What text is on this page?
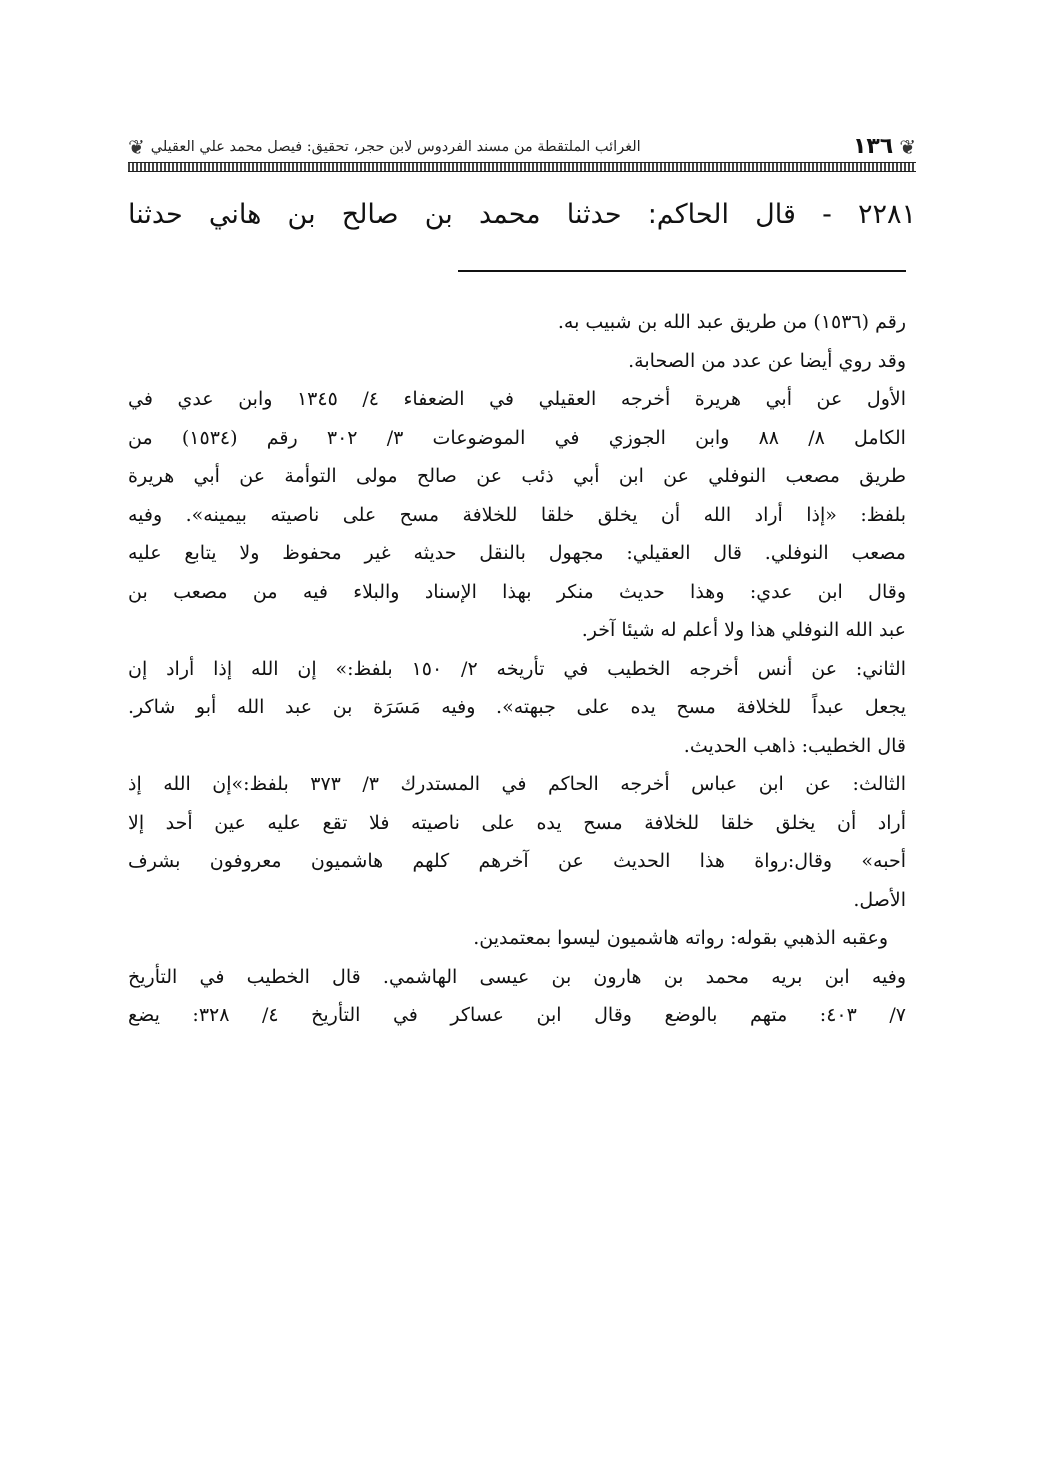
❦
١٣٦
الغرائب الملتقطة من مسند الفردوس لابن حجر، تحقيق: فيصل محمد علي العقيلي
❦
٢٢٨١ - قال الحاكم: حدثنا محمد بن صالح بن هاني حدثنا
رقم (١٥٣٦) من طريق عبد الله بن شبيب به.
وقد روي أيضا عن عدد من الصحابة.
الأول عن أبي هريرة أخرجه العقيلي في الضعفاء ٤/ ١٣٤٥ وابن عدي في
الكامل ٨/ ٨٨ وابن الجوزي في الموضوعات ٣/ ٣٠٢ رقم (١٥٣٤) من
طريق مصعب النوفلي عن ابن أبي ذئب عن صالح مولى التوأمة عن أبي هريرة
بلفظ: «إذا أراد الله أن يخلق خلقا للخلافة مسح على ناصيته بيمينه». وفيه
مصعب النوفلي. قال العقيلي: مجهول بالنقل حديثه غير محفوظ ولا يتابع عليه
وقال ابن عدي: وهذا حديث منكر بهذا الإسناد والبلاء فيه من مصعب بن
عبد الله النوفلي هذا ولا أعلم له شيئا آخر.
الثاني: عن أنس أخرجه الخطيب في تأريخه ٢/ ١٥٠ بلفظ:» إن الله إذا أراد إن
يجعل عبداً للخلافة مسح يده على جبهته». وفيه مَسَرَة بن عبد الله أبو شاكر.
قال الخطيب: ذاهب الحديث.
الثالث: عن ابن عباس أخرجه الحاكم في المستدرك ٣/ ٣٧٣ بلفظ:»إن الله إذ
أراد أن يخلق خلقا للخلافة مسح يده على ناصيته فلا تقع عليه عين أحد إلا
أحبه» وقال:رواة هذا الحديث عن آخرهم كلهم هاشميون معروفون بشرف
الأصل.
وعقبه الذهبي بقوله: رواته هاشميون ليسوا بمعتمدين.
وفيه ابن بريه محمد بن هارون بن عيسى الهاشمي. قال الخطيب في التأريخ
٧/ ٤٠٣: متهم بالوضع وقال ابن عساكر في التأريخ ٤/ ٣٢٨: يضع
